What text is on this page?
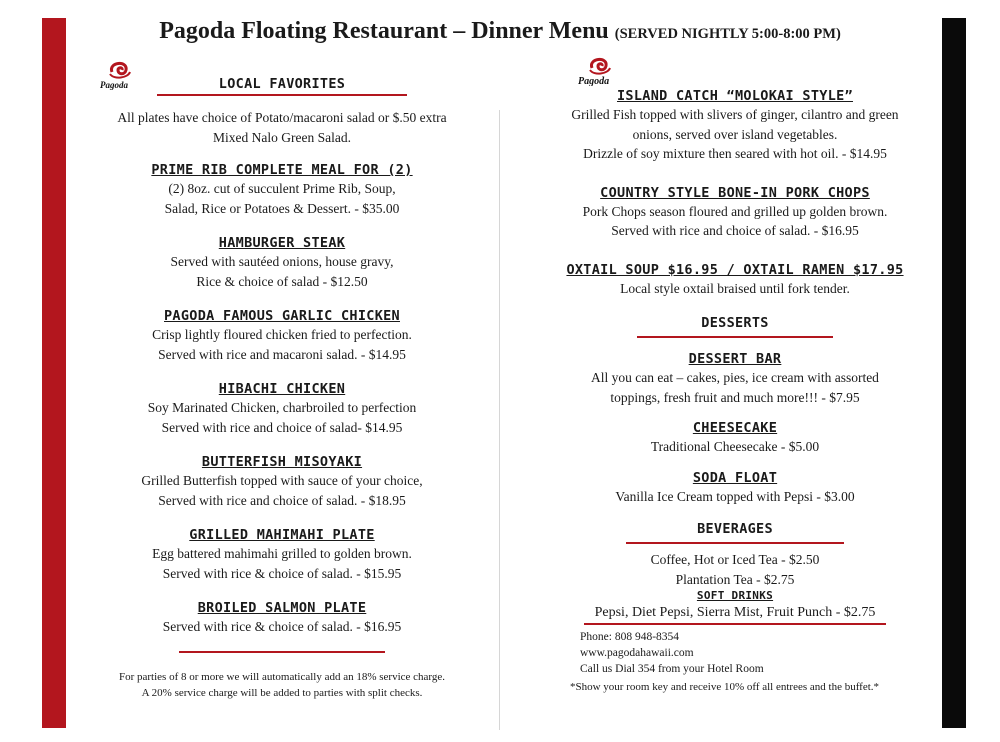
Pagoda Floating Restaurant – Dinner Menu (SERVED NIGHTLY 5:00-8:00 PM)
Pagoda	Pagoda
LOCAL FAVORITES
All plates have choice of Potato/macaroni salad or $.50 extra
Mixed Nalo Green Salad.
PRIME RIB COMPLETE MEAL FOR (2)
(2) 8oz. cut of succulent Prime Rib, Soup,
Salad, Rice or Potatoes & Dessert. - $35.00
HAMBURGER STEAK
Served with sautéed onions, house gravy,
Rice & choice of salad - $12.50
PAGODA FAMOUS GARLIC CHICKEN
Crisp lightly floured chicken fried to perfection.
Served with rice and macaroni salad. - $14.95
HIBACHI CHICKEN
Soy Marinated Chicken, charbroiled to perfection
Served with rice and choice of salad- $14.95
BUTTERFISH MISOYAKI
Grilled Butterfish topped with sauce of your choice,
Served with rice and choice of salad. - $18.95
GRILLED MAHIMAHI PLATE
Egg battered mahimahi grilled to golden brown.
Served with rice & choice of salad. - $15.95
BROILED SALMON PLATE
Served with rice & choice of salad. - $16.95
For parties of 8 or more we will automatically add an 18% service charge.
A 20% service charge will be added to parties with split checks.
ISLAND CATCH “MOLOKAI STYLE”
Grilled Fish topped with slivers of ginger, cilantro and green
onions, served over island vegetables.
Drizzle of soy mixture then seared with hot oil. - $14.95
COUNTRY STYLE BONE-IN PORK CHOPS
Pork Chops season floured and grilled up golden brown.
Served with rice and choice of salad. - $16.95
OXTAIL SOUP $16.95 / OXTAIL RAMEN $17.95
Local style oxtail braised until fork tender.
DESSERTS
DESSERT BAR
All you can eat – cakes, pies, ice cream with assorted
toppings, fresh fruit and much more!!! - $7.95
CHEESECAKE
Traditional Cheesecake - $5.00
SODA FLOAT
Vanilla Ice Cream topped with Pepsi - $3.00
BEVERAGES
Coffee, Hot or Iced Tea - $2.50
Plantation Tea - $2.75
SOFT DRINKS
Pepsi, Diet Pepsi, Sierra Mist, Fruit Punch - $2.75
Phone: 808 948-8354
www.pagodahawaii.com
Call us Dial 354 from your Hotel Room
*Show your room key and receive 10% off all entrees and the buffet.*
